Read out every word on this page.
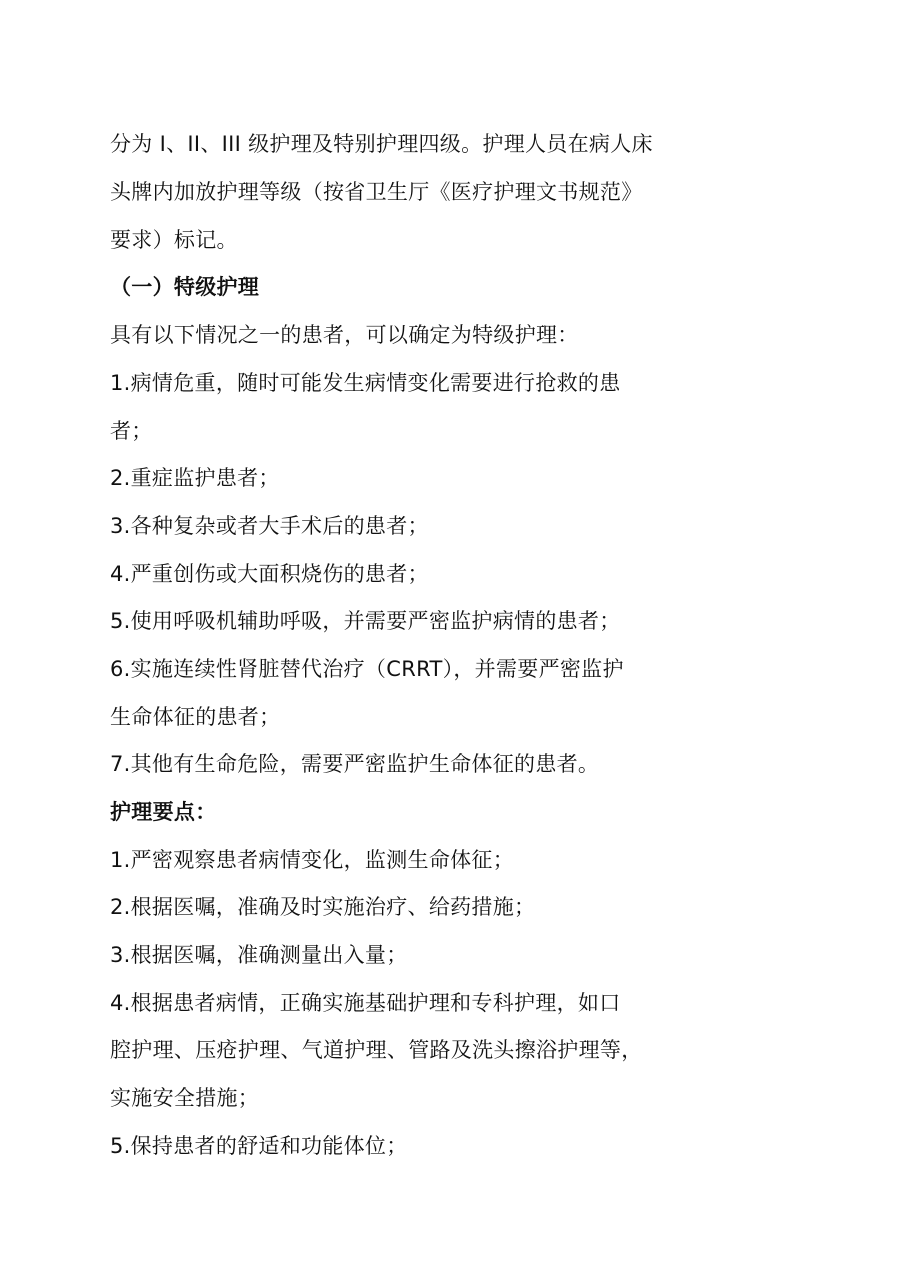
分为 I、II、III 级护理及特别护理四级。护理人员在病人床
头牌内加放护理等级（按省卫生厅《医疗护理文书规范》
要求）标记。
（一）特级护理
具有以下情况之一的患者，可以确定为特级护理：
1.病情危重，随时可能发生病情变化需要进行抢救的患
者；
2.重症监护患者；
3.各种复杂或者大手术后的患者；
4.严重创伤或大面积烧伤的患者；
5.使用呼吸机辅助呼吸，并需要严密监护病情的患者；
6.实施连续性肾脏替代治疗（CRRT），并需要严密监护
生命体征的患者；
7.其他有生命危险，需要严密监护生命体征的患者。
护理要点：
1.严密观察患者病情变化，监测生命体征；
2.根据医嘱，准确及时实施治疗、给药措施；
3.根据医嘱，准确测量出入量；
4.根据患者病情，正确实施基础护理和专科护理，如口
腔护理、压疮护理、气道护理、管路及洗头擦浴护理等，
实施安全措施；
5.保持患者的舒适和功能体位；
